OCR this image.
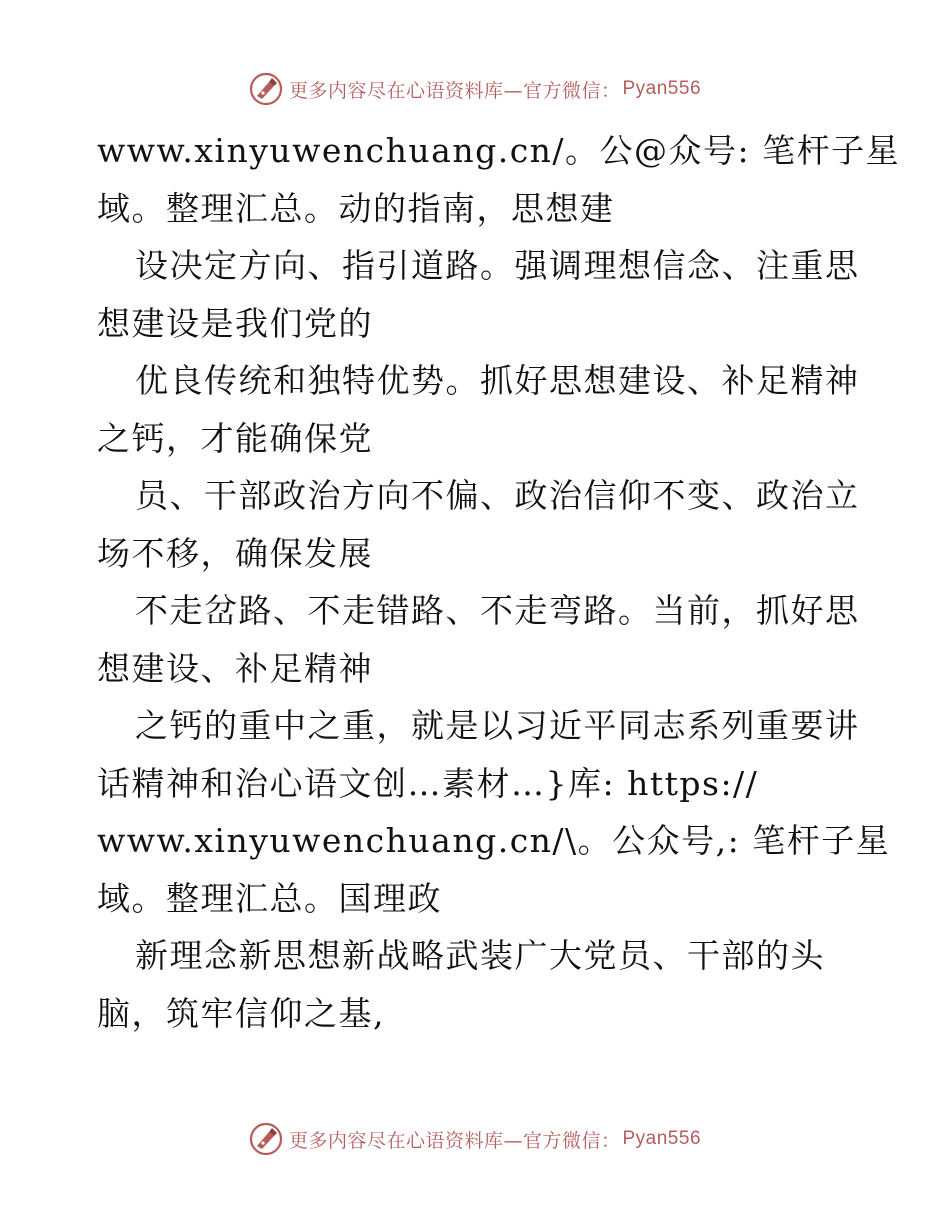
更多内容尽在心语资料库—官方微信： Pyan556
www.xinyuwenchuang.cn/。公@众号: 笔杆子星
域。整理汇总。动的指南，思想建
设决定方向、指引道路。强调理想信念、注重思
想建设是我们党的
优良传统和独特优势。抓好思想建设、补足精神
之钙，才能确保党
员、干部政治方向不偏、政治信仰不变、政治立
场不移，确保发展
不走岔路、不走错路、不走弯路。当前，抓好思
想建设、补足精神
之钙的重中之重，就是以习近平同志系列重要讲
话精神和治心语文创…素材…}库: https://
www.xinyuwenchuang.cn/\。公众号,: 笔杆子星
域。整理汇总。国理政
新理念新思想新战略武装广大党员、干部的头
脑，筑牢信仰之基,
更多内容尽在心语资料库—官方微信： Pyan556
